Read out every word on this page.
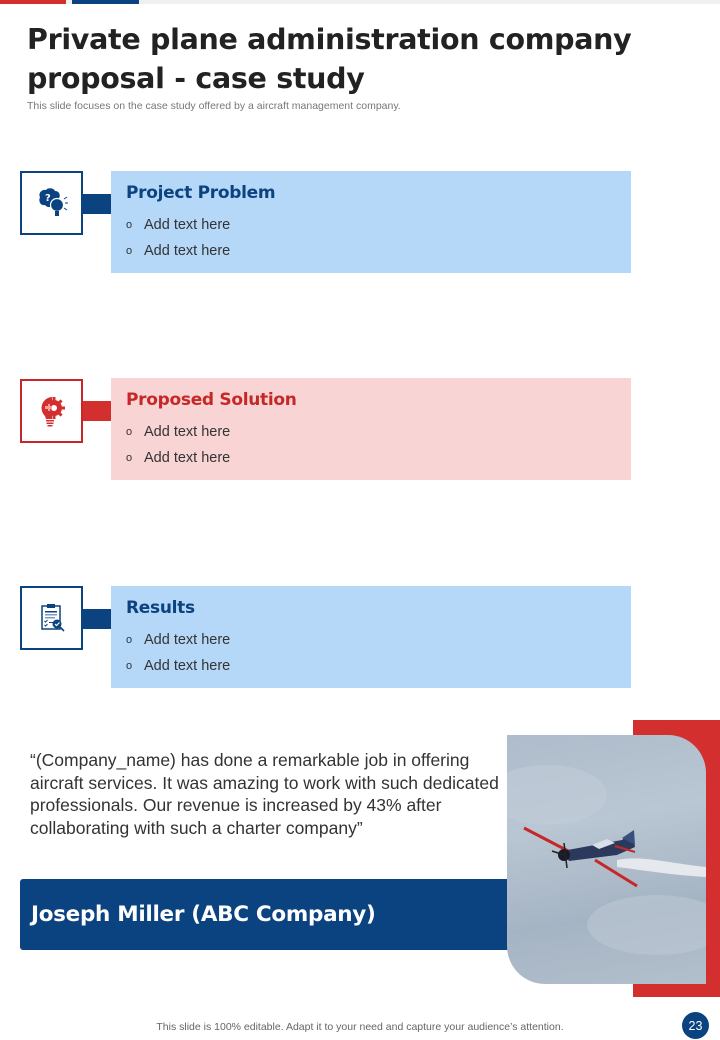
Private plane administration company proposal - case study
This slide focuses on the case study offered by a aircraft management company.
?	Project Problem
o Add text here
o Add text here
Proposed Solution
o Add text here
o Add text here
Results
o Add text here
o Add text here
“(Company_name) has done a remarkable job in offering aircraft services. It was amazing to work with such dedicated professionals. Our revenue is increased by 43% after collaborating with such a charter company”
Joseph Miller (ABC Company)
This slide is 100% editable. Adapt it to your need and capture your audience’s attention.	23
